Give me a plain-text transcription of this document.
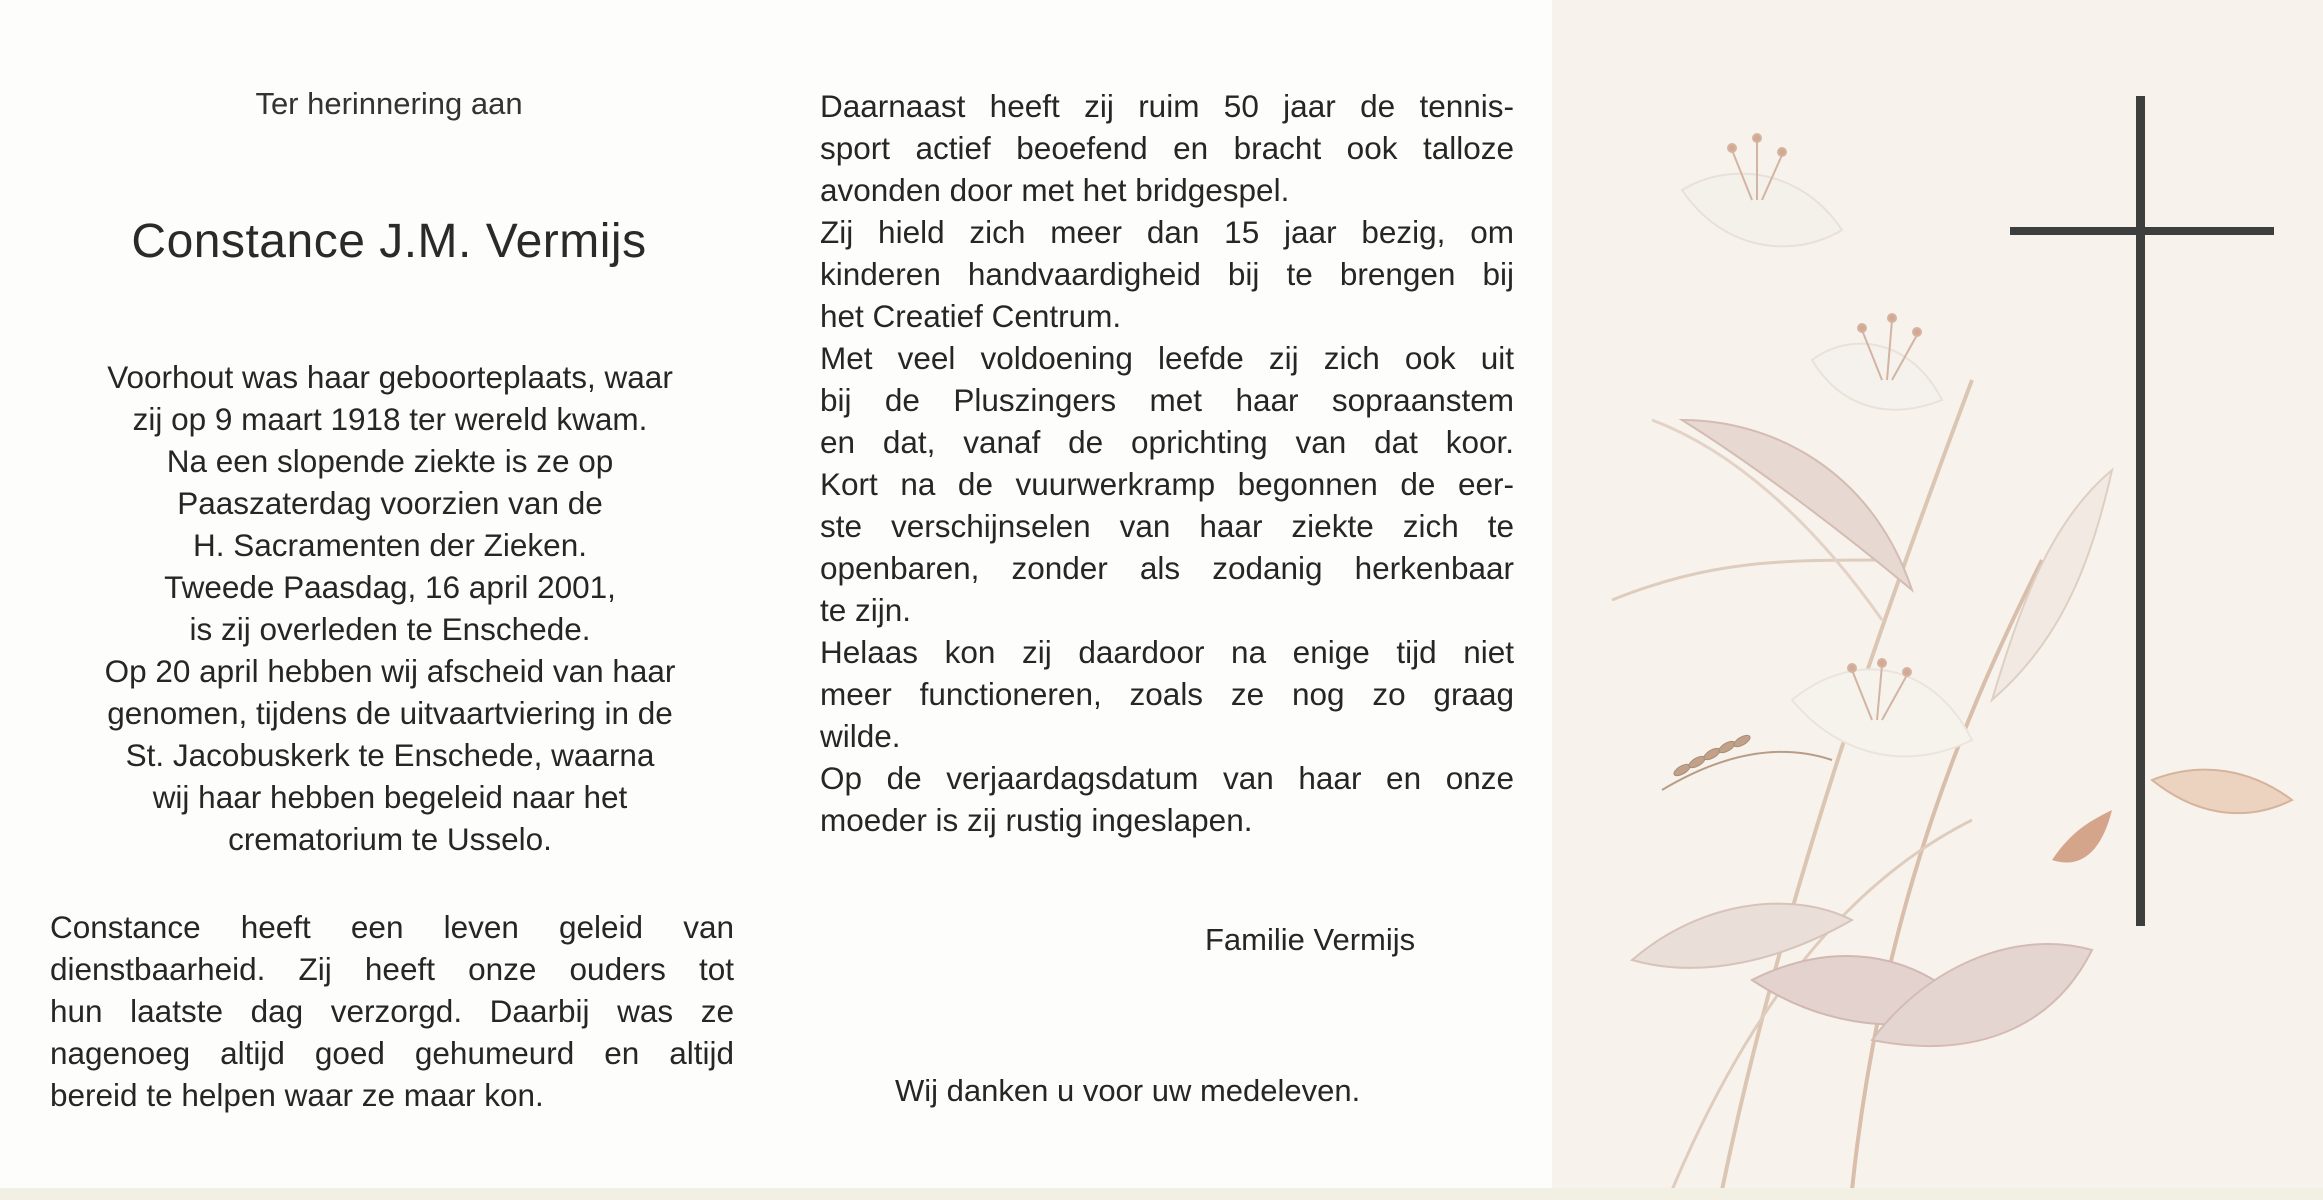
Ter herinnering aan
Constance J.M. Vermijs

Voorhout was haar geboorteplaats, waar
zij op 9 maart 1918 ter wereld kwam.
Na een slopende ziekte is ze op
Paaszaterdag voorzien van de
H. Sacramenten der Zieken.
Tweede Paasdag, 16 april 2001,
is zij overleden te Enschede.
Op 20 april hebben wij afscheid van haar
genomen, tijdens de uitvaartviering in de
St. Jacobuskerk te Enschede, waarna
wij haar hebben begeleid naar het
crematorium te Usselo.

Constance heeft een leven geleid van
dienstbaarheid. Zij heeft onze ouders tot
hun laatste dag verzorgd. Daarbij was ze
nagenoeg altijd goed gehumeurd en altijd
bereid te helpen waar ze maar kon.

Daarnaast heeft zij ruim 50 jaar de tennis-
sport actief beoefend en bracht ook talloze
avonden door met het bridgespel.
Zij hield zich meer dan 15 jaar bezig, om
kinderen handvaardigheid bij te brengen bij
het Creatief Centrum.
Met veel voldoening leefde zij zich ook uit
bij de Pluszingers met haar sopraanstem
en dat, vanaf de oprichting van dat koor.
Kort na de vuurwerkramp begonnen de eer-
ste verschijnselen van haar ziekte zich te
openbaren, zonder als zodanig herkenbaar
te zijn.
Helaas kon zij daardoor na enige tijd niet
meer functioneren, zoals ze nog zo graag
wilde.
Op de verjaardagsdatum van haar en onze
moeder is zij rustig ingeslapen.

Familie Vermijs
Wij danken u voor uw medeleven.
